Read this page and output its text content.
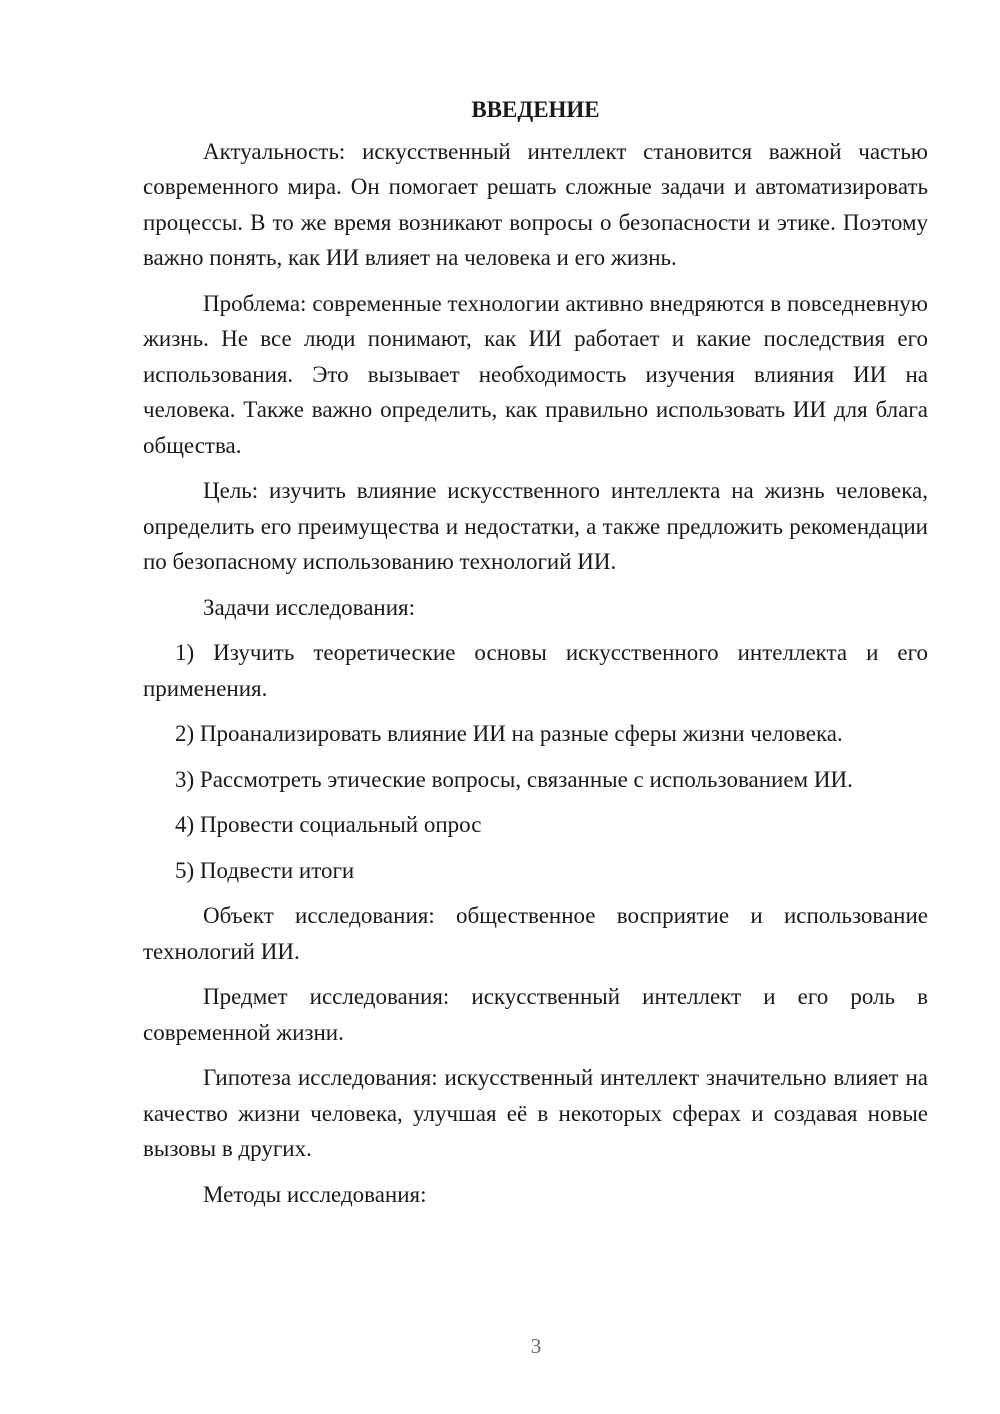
ВВЕДЕНИЕ

Актуальность: искусственный интеллект становится важной частью современного мира. Он помогает решать сложные задачи и автоматизировать процессы. В то же время возникают вопросы о безопасности и этике. Поэтому важно понять, как ИИ влияет на человека и его жизнь.

Проблема: современные технологии активно внедряются в повседневную жизнь. Не все люди понимают, как ИИ работает и какие последствия его использования. Это вызывает необходимость изучения влияния ИИ на человека. Также важно определить, как правильно использовать ИИ для блага общества.

Цель: изучить влияние искусственного интеллекта на жизнь человека, определить его преимущества и недостатки, а также предложить рекомендации по безопасному использованию технологий ИИ.

Задачи исследования:

1) Изучить теоретические основы искусственного интеллекта и его применения.

2) Проанализировать влияние ИИ на разные сферы жизни человека.

3) Рассмотреть этические вопросы, связанные с использованием ИИ.

4) Провести социальный опрос

5) Подвести итоги

Объект исследования: общественное восприятие и использование технологий ИИ.

Предмет исследования: искусственный интеллект и его роль в современной жизни.

Гипотеза исследования: искусственный интеллект значительно влияет на качество жизни человека, улучшая её в некоторых сферах и создавая новые вызовы в других.

Методы исследования:

3
